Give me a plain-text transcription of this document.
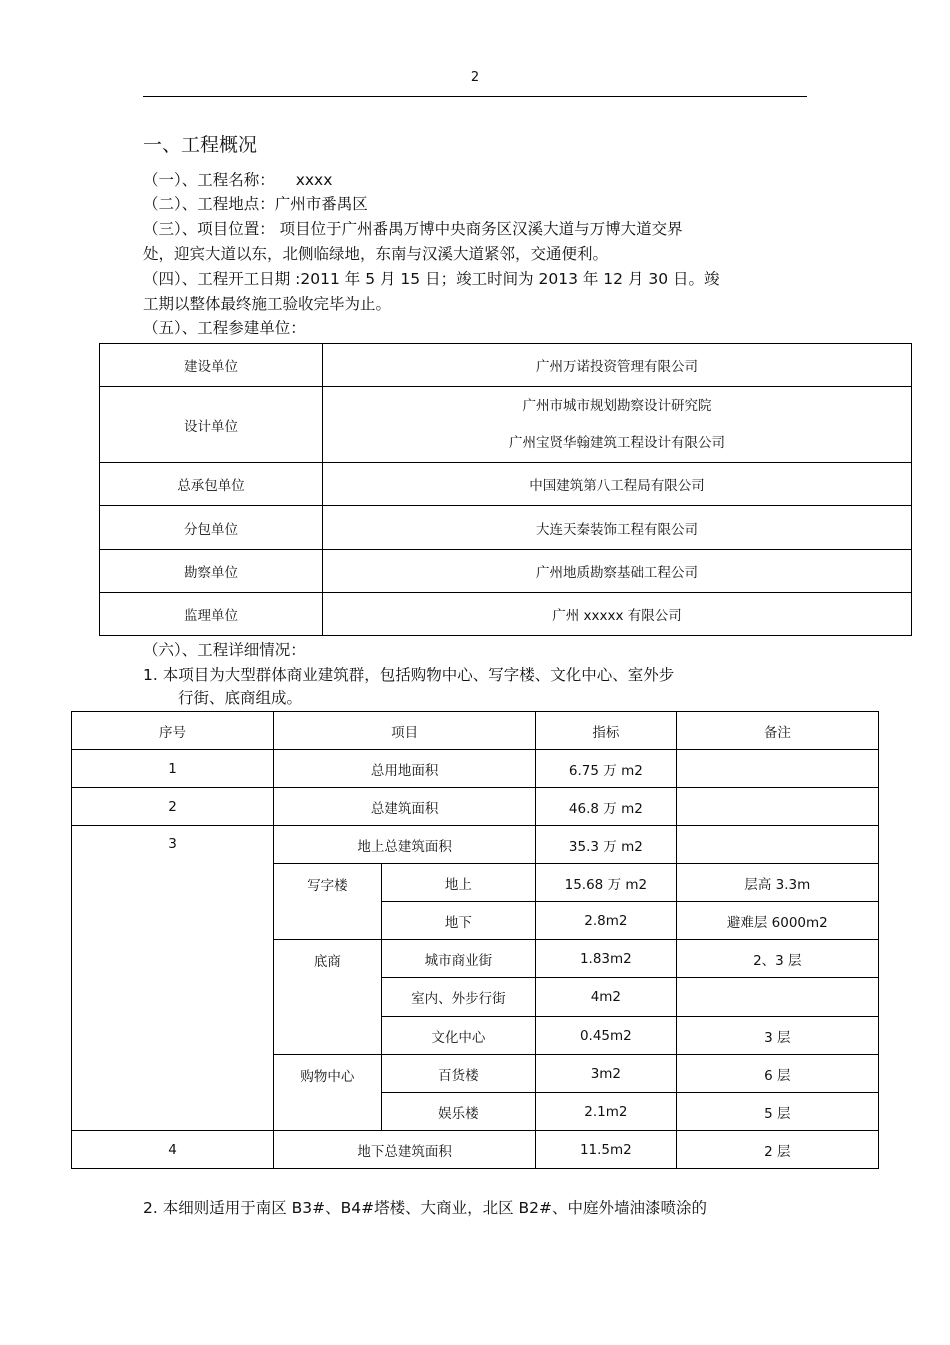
2
一、工程概况
（一）、工程名称： xxxx
（二）、工程地点：广州市番禺区
（三）、项目位置： 项目位于广州番禺万博中央商务区汉溪大道与万博大道交界
处，迎宾大道以东，北侧临绿地，东南与汉溪大道紧邻，交通便利。
（四）、工程开工日期 :2011 年 5 月 15 日；竣工时间为 2013 年 12 月 30 日。竣
工期以整体最终施工验收完毕为止。
（五）、工程参建单位：
建设单位	广州万诺投资管理有限公司
设计单位	广州市城市规划勘察设计研究院
广州宝贤华翰建筑工程设计有限公司

总承包单位	中国建筑第八工程局有限公司
分包单位	大连天秦装饰工程有限公司
勘察单位	广州地质勘察基础工程公司
监理单位	广州 xxxxx 有限公司
（六）、工程详细情况：
1. 本项目为大型群体商业建筑群，包括购物中心、写字楼、文化中心、室外步
行街、底商组成。
序号	项目		指标	备注
1	总用地面积		6.75 万 m2	
2	总建筑面积		46.8 万 m2	
3	地上总建筑面积		35.3 万 m2	
	写字楼	地上	15.68 万 m2	层高 3.3m
		地下	2.8m2	避难层 6000m2
	底商	城市商业街	1.83m2	2、3 层
		室内、外步行街	4m2	
		文化中心	0.45m2	3 层
	购物中心	百货楼	3m2	6 层
		娱乐楼	2.1m2	5 层
4	地下总建筑面积		11.5m2	2 层
2. 本细则适用于南区 B3#、B4#塔楼、大商业，北区 B2#、中庭外墙油漆喷涂的
